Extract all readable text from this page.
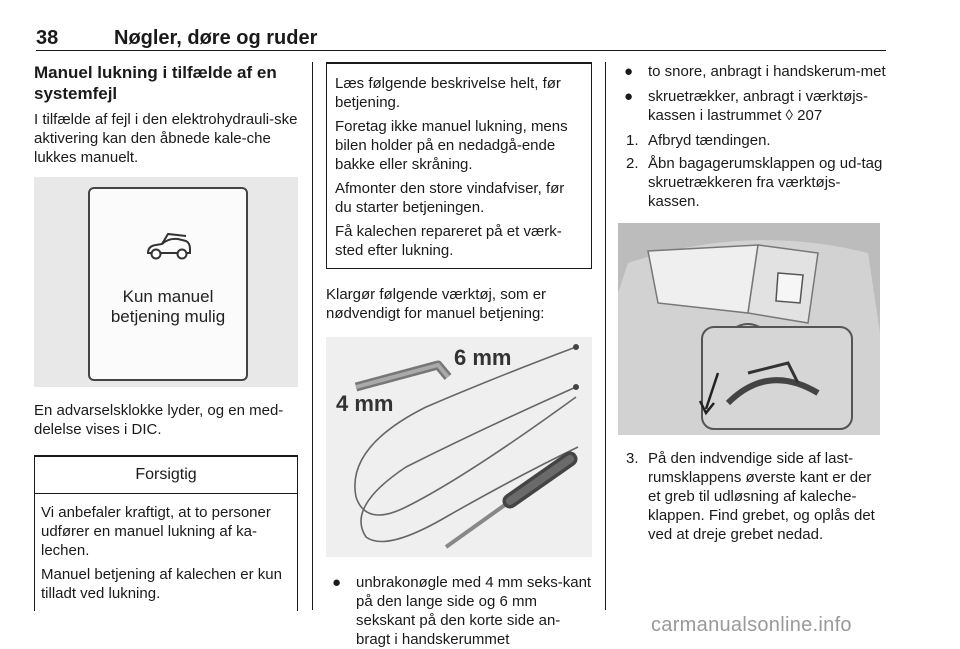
38	Nøgler, døre og ruder
Manuel lukning i tilfælde af en systemfejl

I tilfælde af fejl i den elektrohydrauli-ske aktivering kan den åbnede kale-che lukkes manuelt.

Kun manuel
betjening mulig

En advarselsklokke lyder, og en med-delelse vises i DIC.

Forsigtig

Vi anbefaler kraftigt, at to personer udfører en manuel lukning af ka-lechen.

Manuel betjening af kalechen er kun tilladt ved lukning.

Læs følgende beskrivelse helt, før betjening.

Foretag ikke manuel lukning, mens bilen holder på en nedadgå-ende bakke eller skråning.

Afmonter den store vindafviser, før du starter betjeningen.

Få kalechen repareret på et værk-sted efter lukning.

Klargør følgende værktøj, som er nødvendigt for manuel betjening:

6 mm
4 mm
● unbrakonøgle med 4 mm seks-kant på den lange side og 6 mm sekskant på den korte side an-bragt i handskerummet
● to snore, anbragt i handskerum-met
● skruetrækker, anbragt i værktøjs-kassen i lastrummet ◊ 207
1. Afbryd tændingen.
2. Åbn bagagerumsklappen og ud-tag skruetrækkeren fra værktøjs-kassen.
3. På den indvendige side af last-rumsklappens øverste kant er der et greb til udløsning af kaleche-klappen. Find grebet, og oplås det ved at dreje grebet nedad.
carmanualsonline.info
